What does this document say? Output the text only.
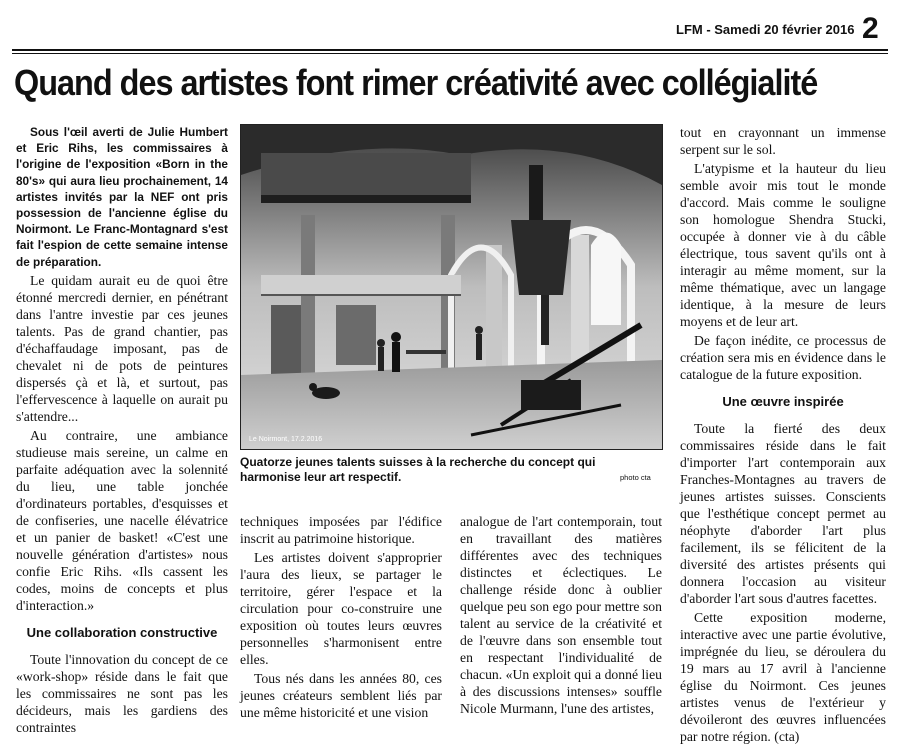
LFM - Samedi 20 février 2016 2
Quand des artistes font rimer créativité avec collégialité

Sous l'œil averti de Julie Humbert et Eric Rihs, les commissaires à l'origine de l'exposition «Born in the 80's» qui aura lieu prochainement, 14 artistes invités par la NEF ont pris possession de l'ancienne église du Noirmont. Le Franc-Montagnard s'est fait l'espion de cette semaine intense de préparation.

Le quidam aurait eu de quoi être étonné mercredi dernier, en pénétrant dans l'antre investie par ces jeunes talents. Pas de grand chantier, pas d'échaffaudage imposant, pas de chevalet ni de pots de peintures dispersés çà et là, et surtout, pas l'effervescence à laquelle on aurait pu s'attendre...

Au contraire, une ambiance studieuse mais sereine, un calme en parfaite adéquation avec la solennité du lieu, une table jonchée d'ordinateurs portables, d'esquisses et de confiseries, une nacelle élévatrice et un panier de basket! «C'est une nouvelle génération d'artistes» nous confie Eric Rihs. «Ils cassent les codes, moins de concepts et plus d'interaction.»

Une collaboration constructive

Toute l'innovation du concept de ce «work-shop» réside dans le fait que les commissaires ne sont pas les décideurs, mais les gardiens des contraintes

Le Noirmont, 17.2.2016
Quatorze jeunes talents suisses à la recherche du concept qui harmonise leur art respectif.	photo cta

techniques imposées par l'édifice inscrit au patrimoine historique.

Les artistes doivent s'approprier l'aura des lieux, se partager le territoire, gérer l'espace et la circulation pour co-construire une exposition où toutes leurs œuvres personnelles s'harmonisent entre elles.

Tous nés dans les années 80, ces jeunes créateurs semblent liés par une même historicité et une vision

analogue de l'art contemporain, tout en travaillant des matières différentes avec des techniques distinctes et éclectiques. Le challenge réside donc à oublier quelque peu son ego pour mettre son talent au service de la créativité et de l'œuvre dans son ensemble tout en respectant l'individualité de chacun. «Un exploit qui a donné lieu à des discussions intenses» souffle Nicole Murmann, l'une des artistes,

tout en crayonnant un immense serpent sur le sol.

L'atypisme et la hauteur du lieu semble avoir mis tout le monde d'accord. Mais comme le souligne son homologue Shendra Stucki, occupée à donner vie à du câble électrique, tous savent qu'ils ont à interagir au même moment, sur la même thématique, avec un langage identique, à la mesure de leurs moyens et de leur art.

De façon inédite, ce processus de création sera mis en évidence dans le catalogue de la future exposition.

Une œuvre inspirée

Toute la fierté des deux commissaires réside dans le fait d'importer l'art contemporain aux Franches-Montagnes au travers de jeunes artistes suisses. Conscients que l'esthétique concept permet au néophyte d'aborder l'art plus facilement, ils se félicitent de la diversité des artistes présents qui donnera l'occasion au visiteur d'aborder l'art sous d'autres facettes.

Cette exposition moderne, interactive avec une partie évolutive, imprégnée du lieu, se déroulera du 19 mars au 17 avril à l'ancienne église du Noirmont. Ces jeunes artistes venus de l'extérieur y dévoileront des œuvres influencées par notre région. (cta)
